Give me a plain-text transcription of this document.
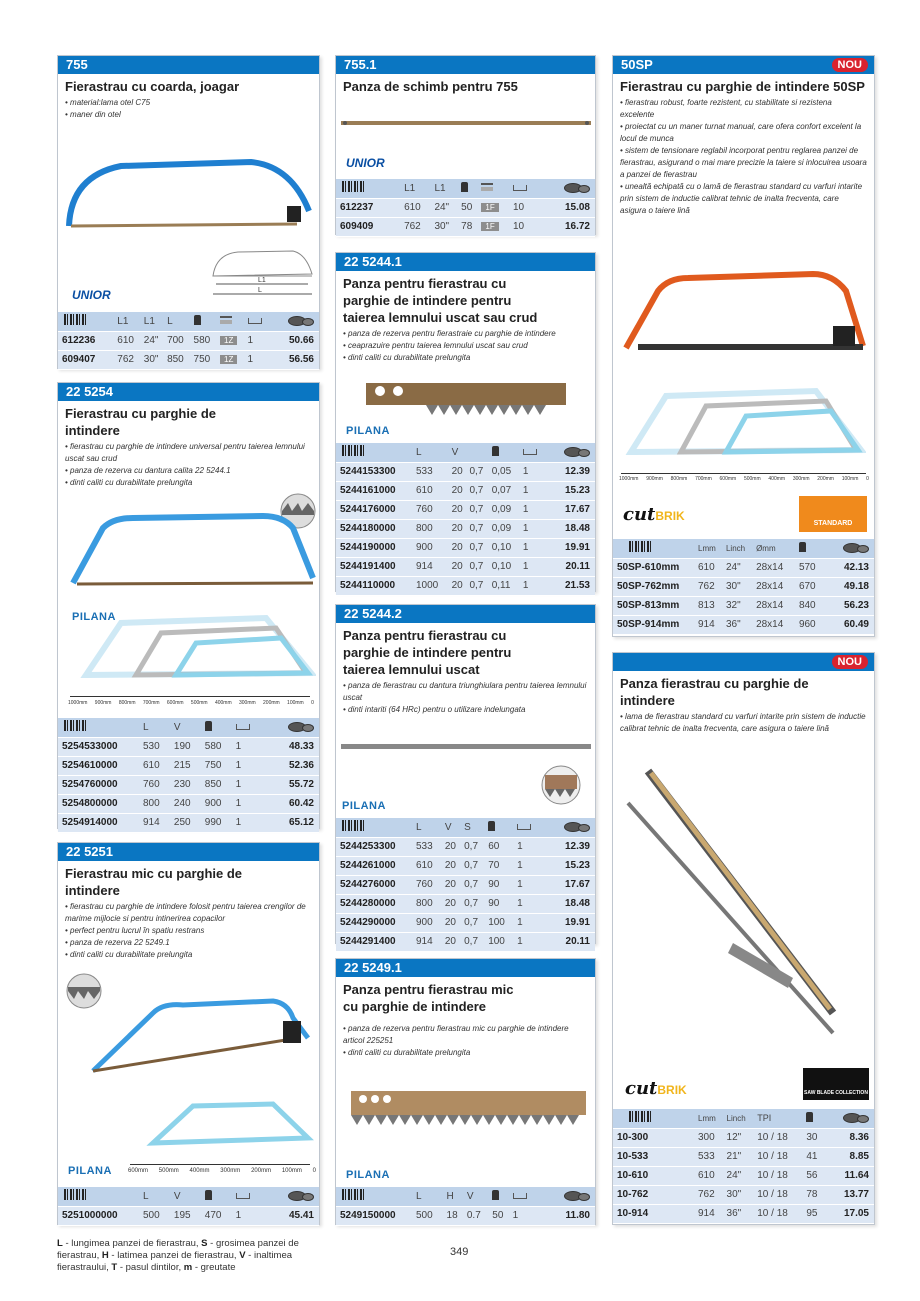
755
Fierastrau cu coarda, joagar
• material:lama otel C75
• maner din otel
L1
L
UNIOR
	L1	L1	L				
612236	610	24"	700	580	1Z	1	50.66
609407	762	30"	850	750	1Z	1	56.56
22 5254
Fierastrau cu parghie de intindere
• fierastrau cu parghie de intindere universal pentru taierea lemnului uscat sau crud
• panza de rezerva cu dantura calita 22 5244.1
• dinti caliti cu durabilitate prelungita
PILANA
1000mm 900mm 800mm 700mm 600mm 500mm 400mm 300mm 200mm 100mm 0
	L	V			
5254533000	530	190	580	1	48.33
5254610000	610	215	750	1	52.36
5254760000	760	230	850	1	55.72
5254800000	800	240	900	1	60.42
5254914000	914	250	990	1	65.12
22 5251
Fierastrau mic cu parghie de intindere
• fierastrau cu parghie de intindere folosit pentru taierea crengilor de marime mijlocie si pentru intinerirea copacilor
• perfect pentru lucrul în spatiu restrans
• panza de rezerva 22 5249.1
• dinti caliti cu durabilitate prelungita
PILANA	600mm 500mm 400mm 300mm 200mm 100mm 0
	L	V			
5251000000	500	195	470	1	45.41
755.1
Panza de schimb pentru 755
UNIOR
	L1	L1				
612237	610	24"	50	1F	10	15.08
609409	762	30"	78	1F	10	16.72
22 5244.1
Panza pentru fierastrau cu parghie de intindere pentru taierea lemnului uscat sau crud
• panza de rezerva pentru fierastraie cu parghie de intindere
• ceaprazuire pentru taierea lemnului uscat sau crud
• dinti caliti cu durabilitate prelungita
PILANA
	L	V				
5244153300	533	20	0,7	0,05	1	12.39
5244161000	610	20	0,7	0,07	1	15.23
5244176000	760	20	0,7	0,09	1	17.67
5244180000	800	20	0,7	0,09	1	18.48
5244190000	900	20	0,7	0,10	1	19.91
5244191400	914	20	0,7	0,10	1	20.11
5244110000	1000	20	0,7	0,11	1	21.53
22 5244.2
Panza pentru fierastrau cu parghie de intindere pentru taierea lemnului uscat
• panza de fierastrau cu dantura triunghiulara pentru taierea lemnului uscat
• dinti intariti (64 HRc) pentru o utilizare indelungata
PILANA
	L	V	S			
5244253300	533	20	0,7	60	1	12.39
5244261000	610	20	0,7	70	1	15.23
5244276000	760	20	0,7	90	1	17.67
5244280000	800	20	0,7	90	1	18.48
5244290000	900	20	0,7	100	1	19.91
5244291400	914	20	0,7	100	1	20.11
22 5249.1
Panza pentru fierastrau mic cu parghie de intindere
• panza de rezerva pentru fierastrau mic cu parghie de intindere articol 225251
• dinti caliti cu durabilitate prelungita
PILANA
	L	H	V			
5249150000	500	18	0.7	50	1	11.80
50SP	NOU
Fierastrau cu parghie de intindere 50SP
• fierastrau robust, foarte rezistent, cu stabilitate si rezistena excelente
• proiectat cu un maner turnat manual, care ofera confort excelent la locul de munca
• sistem de tensionare reglabil incorporat pentru reglarea panzei de fierastrau, asigurand o mai mare precizie la taiere si inlocuirea usoara a panzei de fierastrau
• unealtă echipată cu o lamă de fierastrau standard cu varfuri intarite prin sistem de inductie calibrat tehnic de inalta frecventa, care asigura o taiere lină
1000mm 900mm 800mm 700mm 600mm 500mm 400mm 300mm 200mm 100mm 0
cutBRIK
STANDARD
	Lmm	Linch	Ømm		
50SP-610mm	610	24"	28x14	570	42.13
50SP-762mm	762	30"	28x14	670	49.18
50SP-813mm	813	32"	28x14	840	56.23
50SP-914mm	914	36"	28x14	960	60.49
NOU
Panza fierastrau cu parghie de intindere
• lama de fierastrau standard cu varfuri intarite prin sistem de inductie calibrat tehnic de inalta frecventa, care asigura o taiere lină
cutBRIK	SAW BLADE COLLECTION
	Lmm	Linch	TPI		
10-300	300	12"	10 / 18	30	8.36
10-533	533	21"	10 / 18	41	8.85
10-610	610	24"	10 / 18	56	11.64
10-762	762	30"	10 / 18	78	13.77
10-914	914	36"	10 / 18	95	17.05
L - lungimea panzei de fierastrau, S - grosimea panzei de fierastrau, H - latimea panzei de fierastrau, V - inaltimea fierastraului, T - pasul dintilor, m - greutate
349
